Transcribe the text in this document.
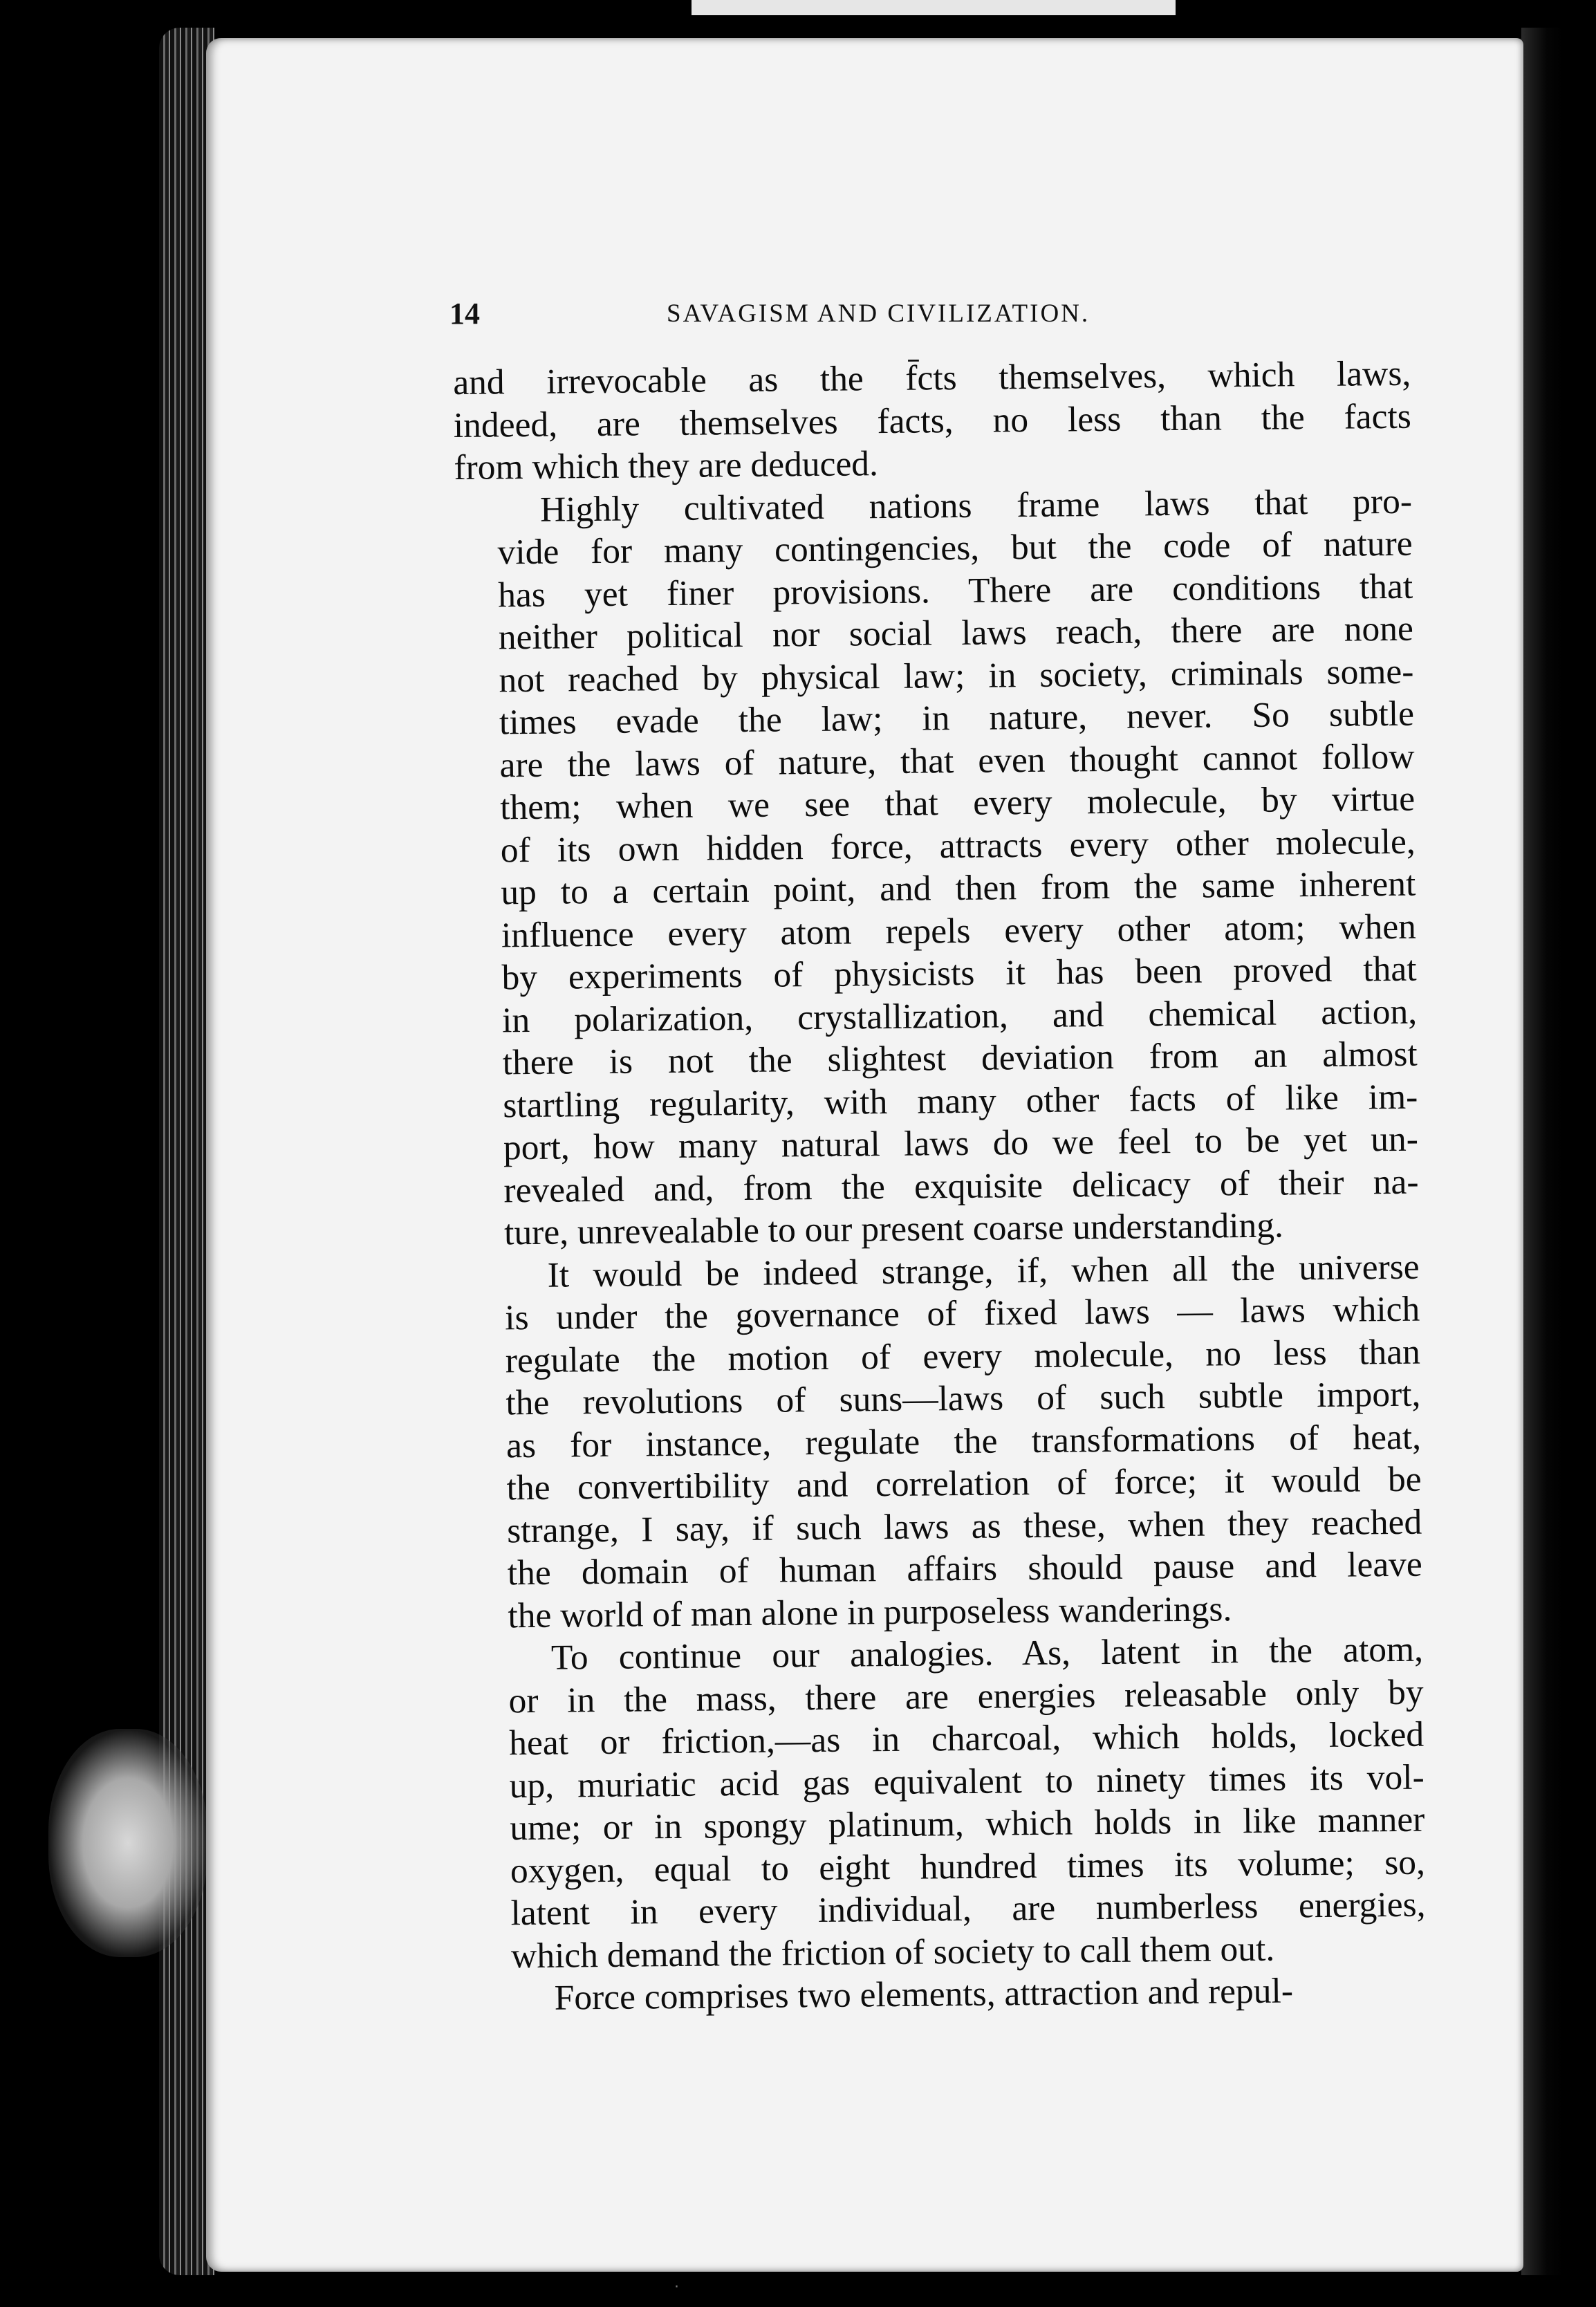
14	SAVAGISM AND CIVILIZATION.
and irrevocable as the f̄cts themselves, which laws,
indeed, are themselves facts, no less than the facts
from which they are deduced.
Highly cultivated nations frame laws that pro-
vide for many contingencies, but the code of nature
has yet finer provisions. There are conditions that
neither political nor social laws reach, there are none
not reached by physical law; in society, criminals some-
times evade the law; in nature, never. So subtle
are the laws of nature, that even thought cannot follow
them; when we see that every molecule, by virtue
of its own hidden force, attracts every other molecule,
up to a certain point, and then from the same inherent
influence every atom repels every other atom; when
by experiments of physicists it has been proved that
in polarization, crystallization, and chemical action,
there is not the slightest deviation from an almost
startling regularity, with many other facts of like im-
port, how many natural laws do we feel to be yet un-
revealed and, from the exquisite delicacy of their na-
ture, unrevealable to our present coarse understanding.
It would be indeed strange, if, when all the universe
is under the governance of fixed laws — laws which
regulate the motion of every molecule, no less than
the revolutions of suns—laws of such subtle import,
as for instance, regulate the transformations of heat,
the convertibility and correlation of force; it would be
strange, I say, if such laws as these, when they reached
the domain of human affairs should pause and leave
the world of man alone in purposeless wanderings.
To continue our analogies. As, latent in the atom,
or in the mass, there are energies releasable only by
heat or friction,—as in charcoal, which holds, locked
up, muriatic acid gas equivalent to ninety times its vol-
ume; or in spongy platinum, which holds in like manner
oxygen, equal to eight hundred times its volume; so,
latent in every individual, are numberless energies,
which demand the friction of society to call them out.
Force comprises two elements, attraction and repul-
·
